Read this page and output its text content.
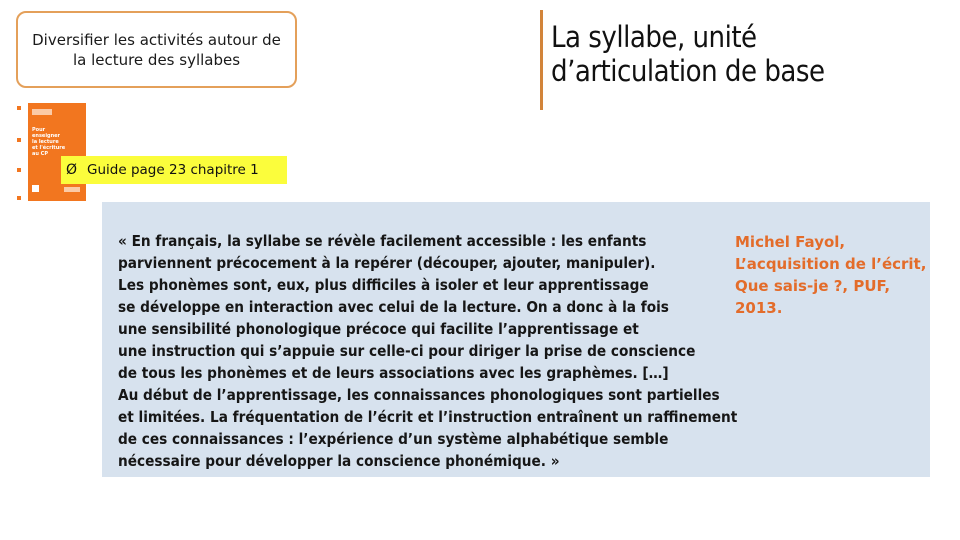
Diversifier les activités autour de la lecture des syllabes
La syllabe, unité
d’articulation de base
Pour
enseigner
la lecture
et l'écriture
au CP
Ø Guide page 23 chapitre 1

« En français, la syllabe se révèle facilement accessible : les enfants

parviennent précocement à la repérer (découper, ajouter, manipuler).

Les phonèmes sont, eux, plus difficiles à isoler et leur apprentissage

se développe en interaction avec celui de la lecture. On a donc à la fois

une sensibilité phonologique précoce qui facilite l’apprentissage et

une instruction qui s’appuie sur celle-ci pour diriger la prise de conscience

de tous les phonèmes et de leurs associations avec les graphèmes. […]

Au début de l’apprentissage, les connaissances phonologiques sont partielles

et limitées. La fréquentation de l’écrit et l’instruction entraînent un raffinement

de ces connaissances : l’expérience d’un système alphabétique semble

nécessaire pour développer la conscience phonémique. »

Michel Fayol,

L’acquisition de l’écrit,

Que sais-je ?, PUF,

2013.
